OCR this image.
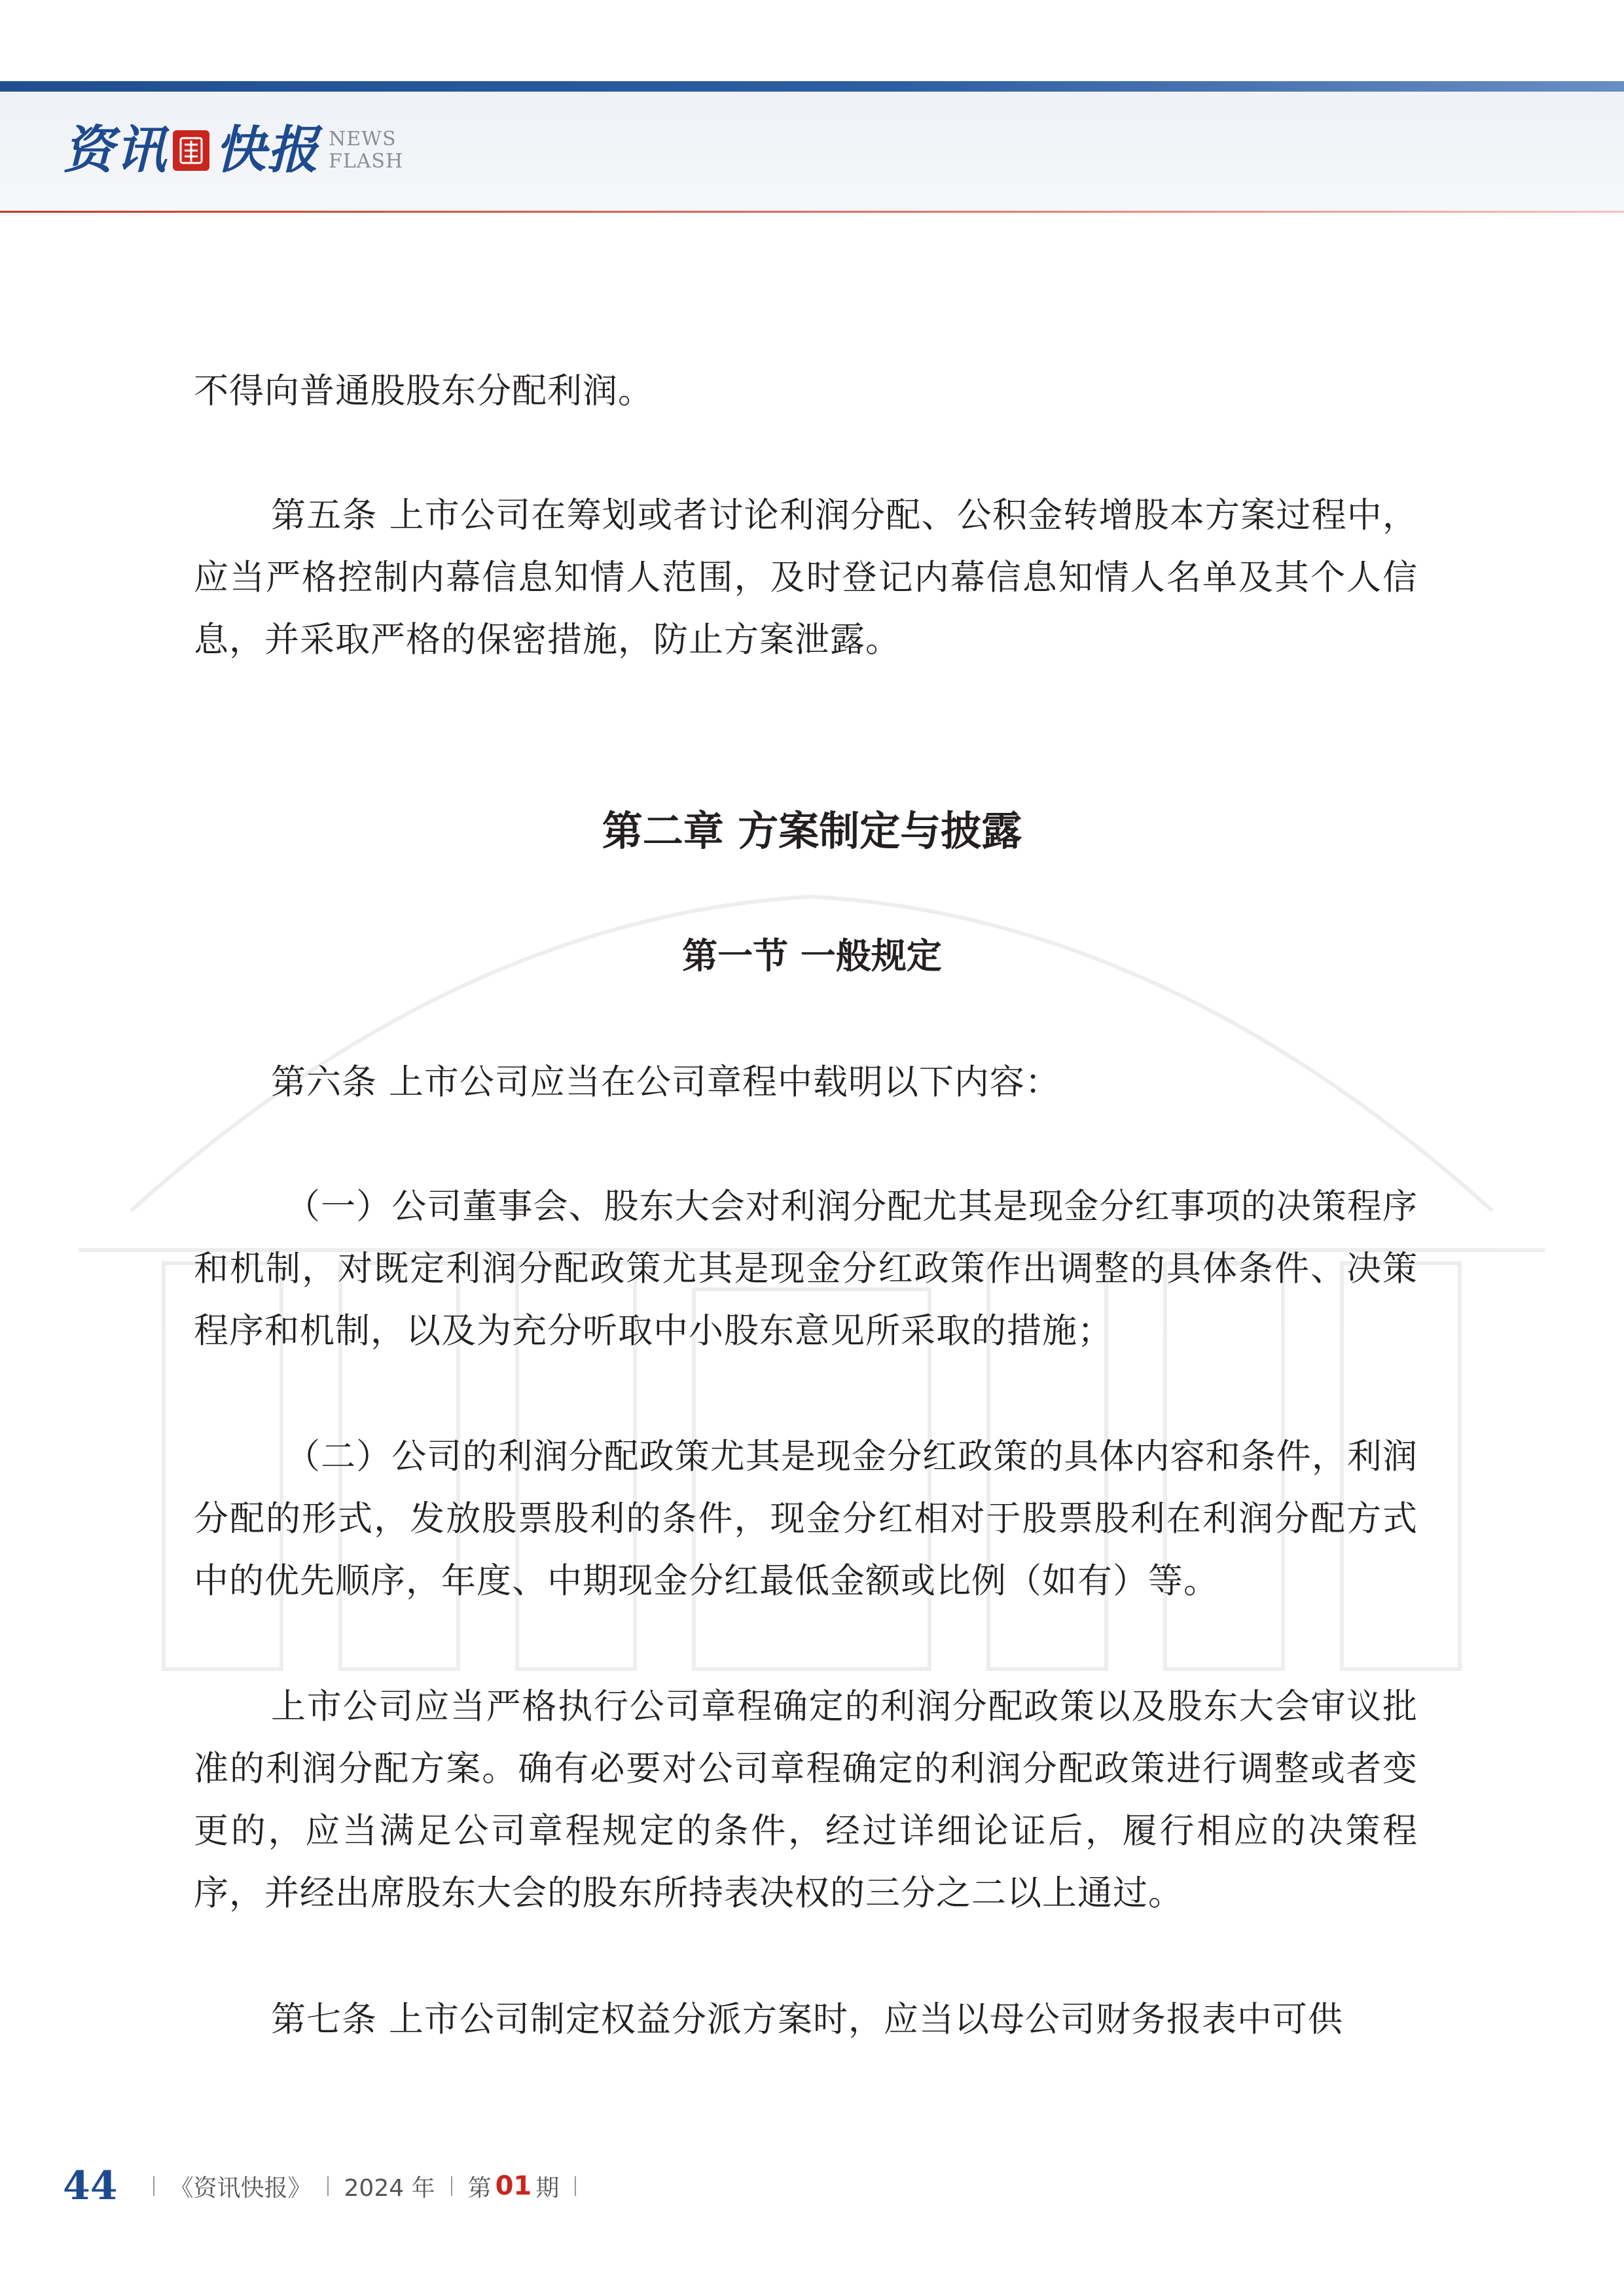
资讯 快报 NEWS
FLASH

不得向普通股股东分配利润。

第五条 上市公司在筹划或者讨论利润分配、公积金转增股本方案过程中，应当严格控制内幕信息知情人范围，及时登记内幕信息知情人名单及其个人信息，并采取严格的保密措施，防止方案泄露。

第二章 方案制定与披露
第一节 一般规定

第六条 上市公司应当在公司章程中载明以下内容：

（一）公司董事会、股东大会对利润分配尤其是现金分红事项的决策程序和机制，对既定利润分配政策尤其是现金分红政策作出调整的具体条件、决策程序和机制，以及为充分听取中小股东意见所采取的措施；

（二）公司的利润分配政策尤其是现金分红政策的具体内容和条件，利润分配的形式，发放股票股利的条件，现金分红相对于股票股利在利润分配方式中的优先顺序，年度、中期现金分红最低金额或比例（如有）等。

上市公司应当严格执行公司章程确定的利润分配政策以及股东大会审议批准的利润分配方案。确有必要对公司章程确定的利润分配政策进行调整或者变更的，应当满足公司章程规定的条件，经过详细论证后，履行相应的决策程序，并经出席股东大会的股东所持表决权的三分之二以上通过。

第七条 上市公司制定权益分派方案时，应当以母公司财务报表中可供

44 《资讯快报》 2024 年 第 01 期
